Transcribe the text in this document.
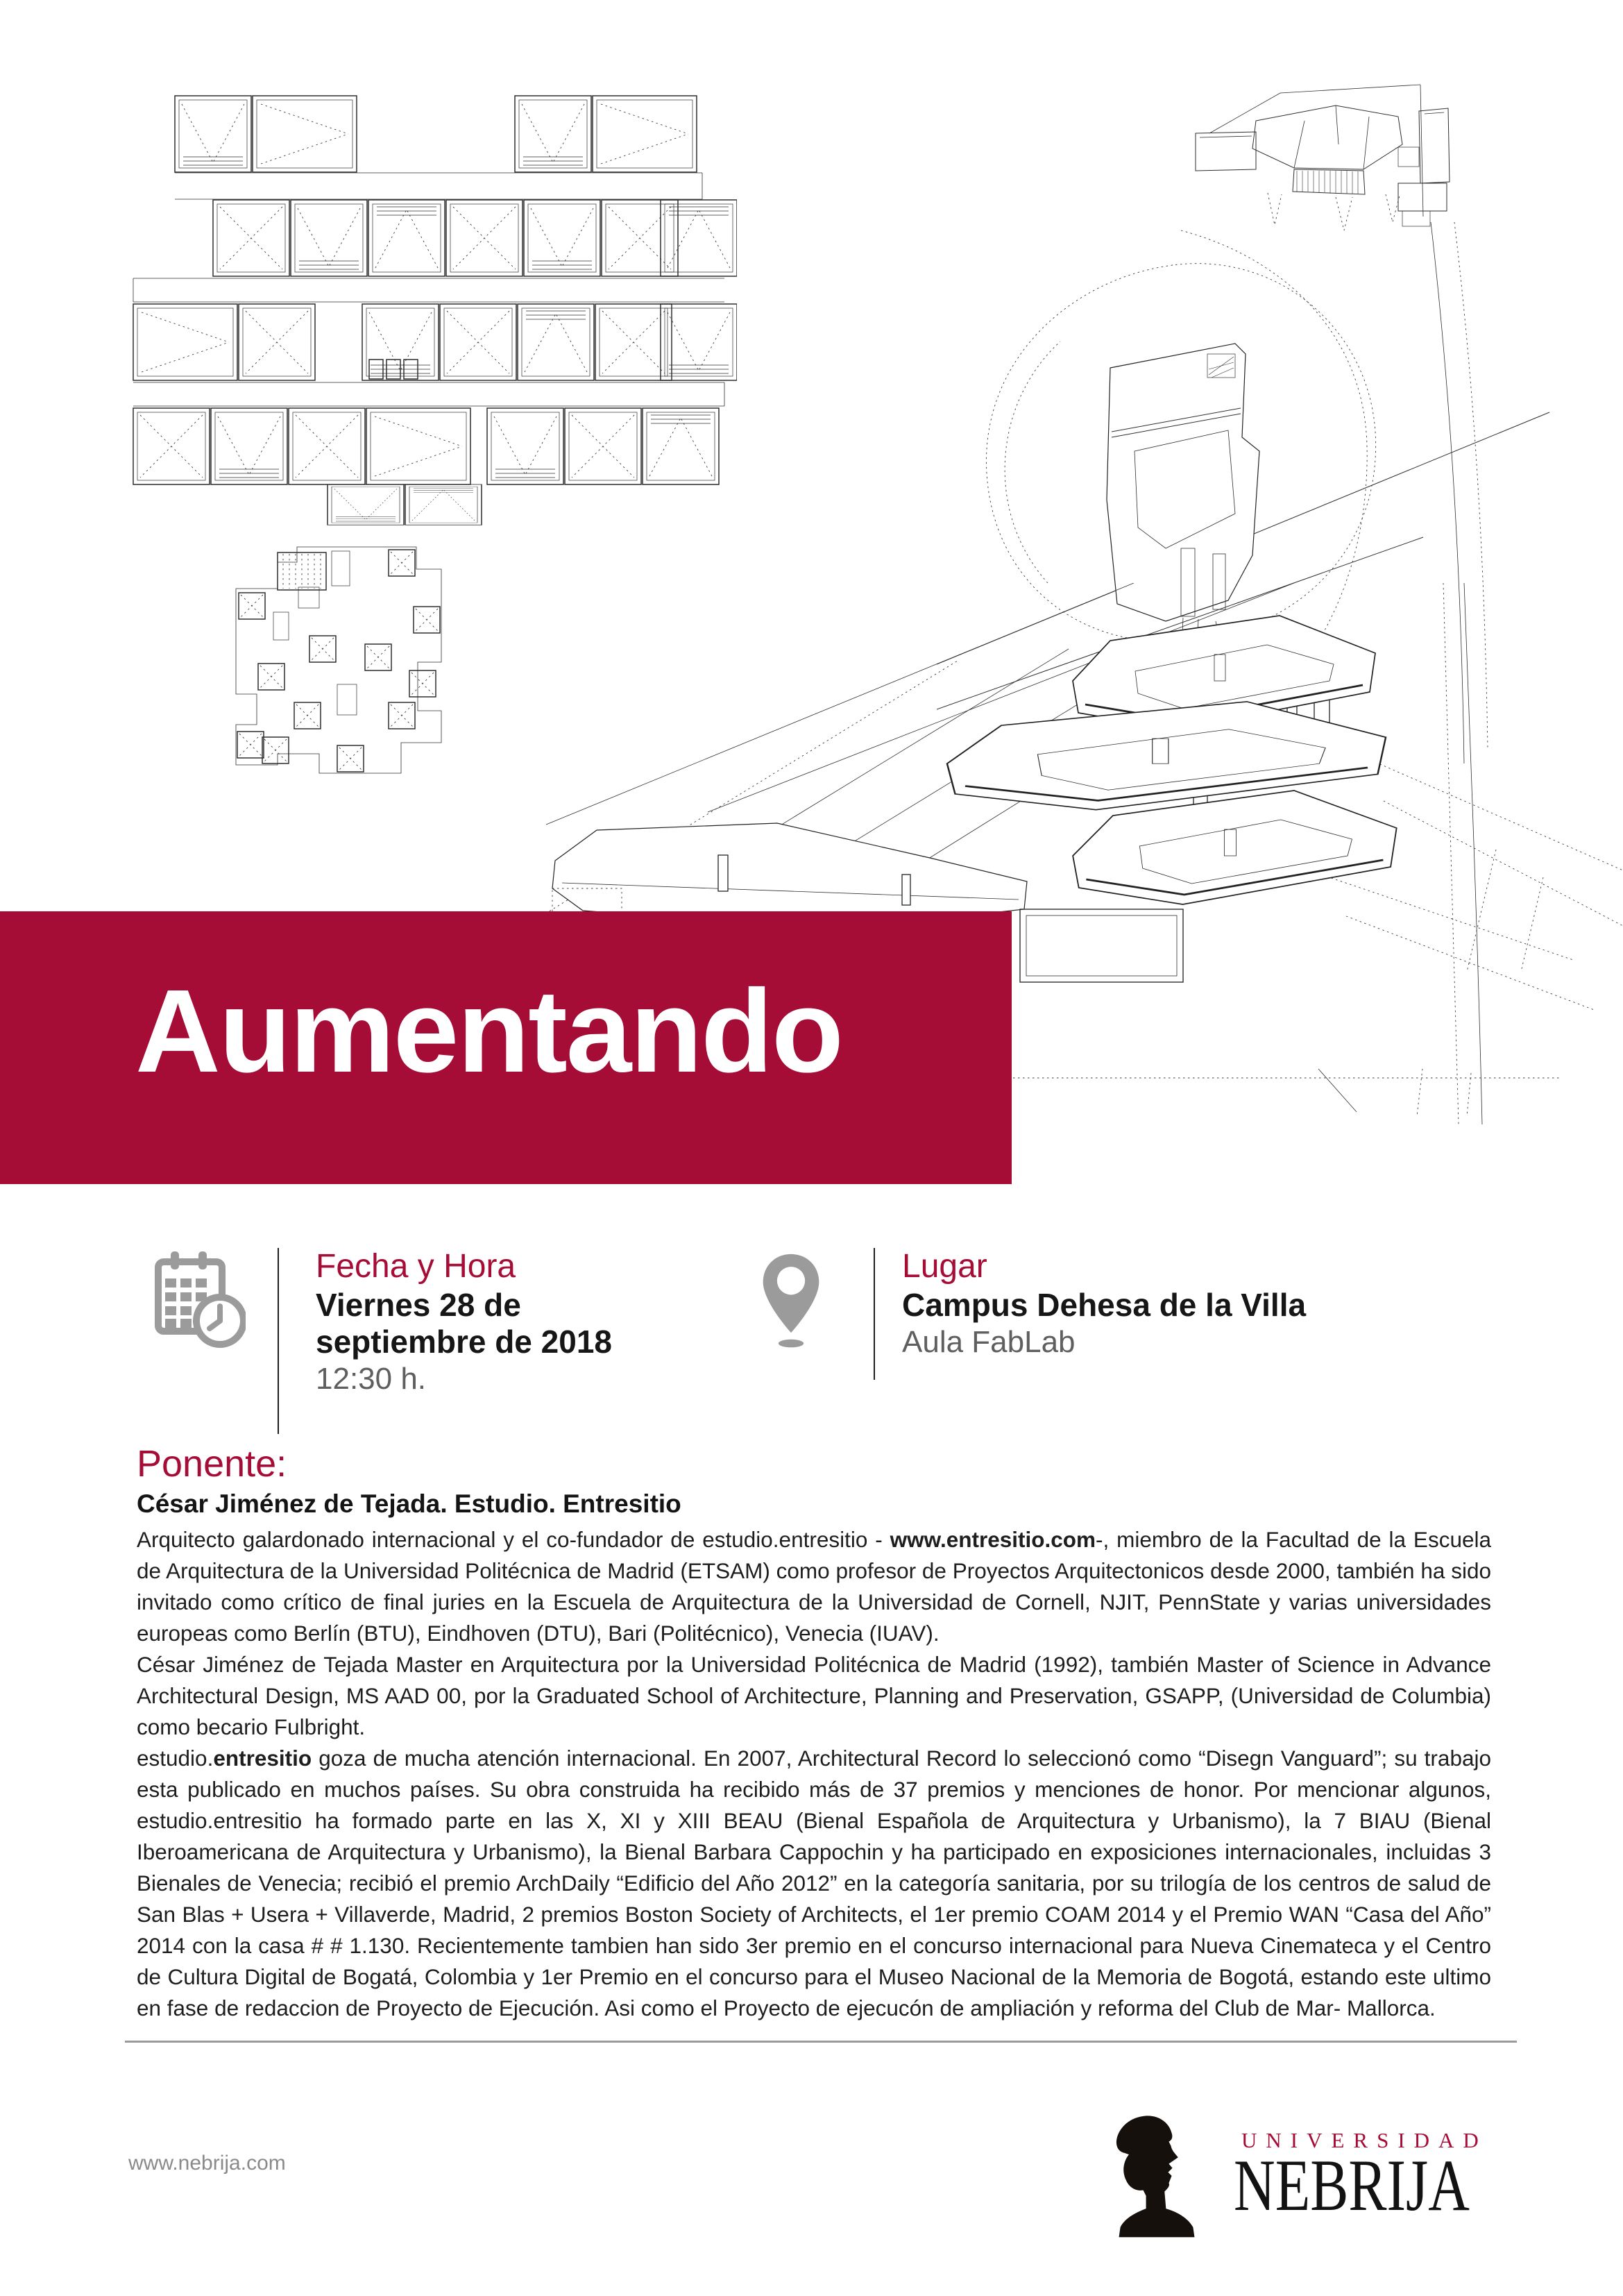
Aumentando
Fecha y Hora
Viernes 28 de
septiembre de 2018
12:30 h.
Lugar
Campus Dehesa de la Villa
Aula FabLab
Ponente:
César Jiménez de Tejada. Estudio. Entresitio

Arquitecto galardonado internacional y el co-fundador de estudio.entresitio - www.entresitio.com-, miembro de la Facultad de la Escuela de Arquitectura de la Universidad Politécnica de Madrid (ETSAM) como profesor de Proyectos Arquitectonicos desde 2000, también ha sido invitado como crítico de final juries en la Escuela de Arquitectura de la Universidad de Cornell, NJIT, PennState y varias universidades europeas como Berlín (BTU), Eindhoven (DTU), Bari (Politécnico), Venecia (IUAV).

César Jiménez de Tejada Master en Arquitectura por la Universidad Politécnica de Madrid (1992), también Master of Science in Advance Architectural Design, MS AAD 00, por la Graduated School of Architecture, Planning and Preservation, GSAPP, (Universidad de Columbia) como becario Fulbright.

estudio.entresitio goza de mucha atención internacional. En 2007, Architectural Record lo seleccionó como “Disegn Vanguard”; su trabajo esta publicado en muchos países. Su obra construida ha recibido más de 37 premios y menciones de honor. Por mencionar algunos, estudio.entresitio ha formado parte en las X, XI y XIII BEAU (Bienal Española de Arquitectura y Urbanismo), la 7 BIAU (Bienal Iberoamericana de Arquitectura y Urbanismo), la Bienal Barbara Cappochin y ha participado en exposiciones internacionales, incluidas 3 Bienales de Venecia; recibió el premio ArchDaily “Edificio del Año 2012” en la categoría sanitaria, por su trilogía de los centros de salud de San Blas + Usera + Villaverde, Madrid, 2 premios Boston Society of Architects, el 1er premio COAM 2014 y el Premio WAN “Casa del Año” 2014 con la casa # # 1.130. Recientemente tambien han sido 3er premio en el concurso internacional para Nueva Cinemateca y el Centro de Cultura Digital de Bogatá, Colombia y 1er Premio en el concurso para el Museo Nacional de la Memoria de Bogotá, estando este ultimo en fase de redaccion de Proyecto de Ejecución. Asi como el Proyecto de ejecucón de ampliación y reforma del Club de Mar- Mallorca.

www.nebrija.com
UNIVERSIDAD
NEBRIJA
